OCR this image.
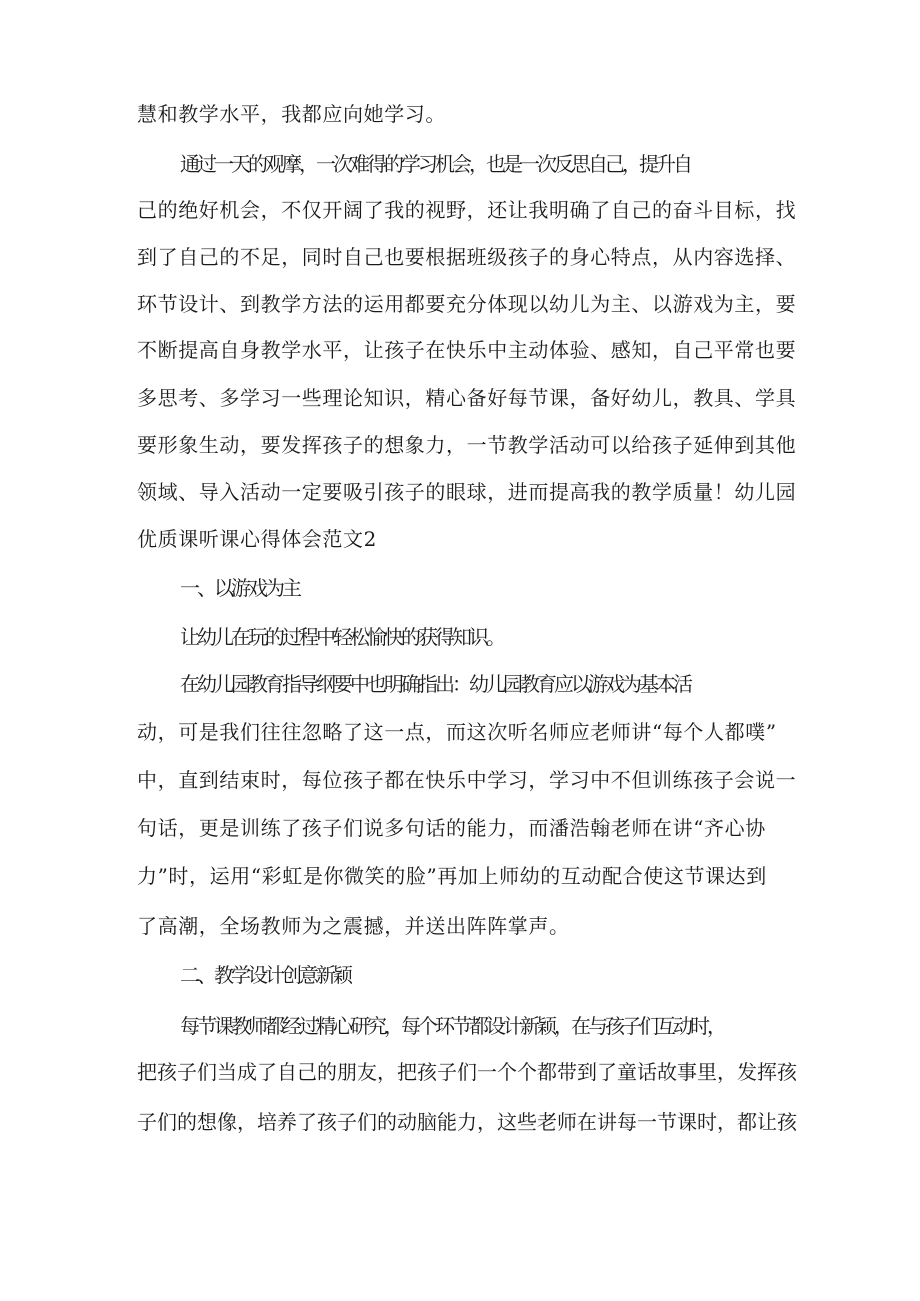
慧和教学水平，我都应向她学习。
通过一天的观摩，一次难得的学习机会，也是一次反思自己，提升自
己的绝好机会，不仅开阔了我的视野，还让我明确了自己的奋斗目标，找
到了自己的不足，同时自己也要根据班级孩子的身心特点，从内容选择、
环节设计、到教学方法的运用都要充分体现以幼儿为主、以游戏为主，要
不断提高自身教学水平，让孩子在快乐中主动体验、感知，自己平常也要
多思考、多学习一些理论知识，精心备好每节课，备好幼儿，教具、学具
要形象生动，要发挥孩子的想象力，一节教学活动可以给孩子延伸到其他
领域、导入活动一定要吸引孩子的眼球，进而提高我的教学质量！幼儿园
优质课听课心得体会范文2
一、以游戏为主
让幼儿在玩的过程中轻松愉快的获得知识。
在幼儿园教育指导纲要中也明确指出：幼儿园教育应以游戏为基本活
动，可是我们往往忽略了这一点，而这次听名师应老师讲“每个人都噗”
中，直到结束时，每位孩子都在快乐中学习，学习中不但训练孩子会说一
句话，更是训练了孩子们说多句话的能力，而潘浩翰老师在讲“齐心协
力”时，运用“彩虹是你微笑的脸”再加上师幼的互动配合使这节课达到
了高潮，全场教师为之震撼，并送出阵阵掌声。
二、教学设计创意新颖
每节课教师都经过精心研究，每个环节都设计新颖，在与孩子们互动时，
把孩子们当成了自己的朋友，把孩子们一个个都带到了童话故事里，发挥孩
子们的想像，培养了孩子们的动脑能力，这些老师在讲每一节课时，都让孩
